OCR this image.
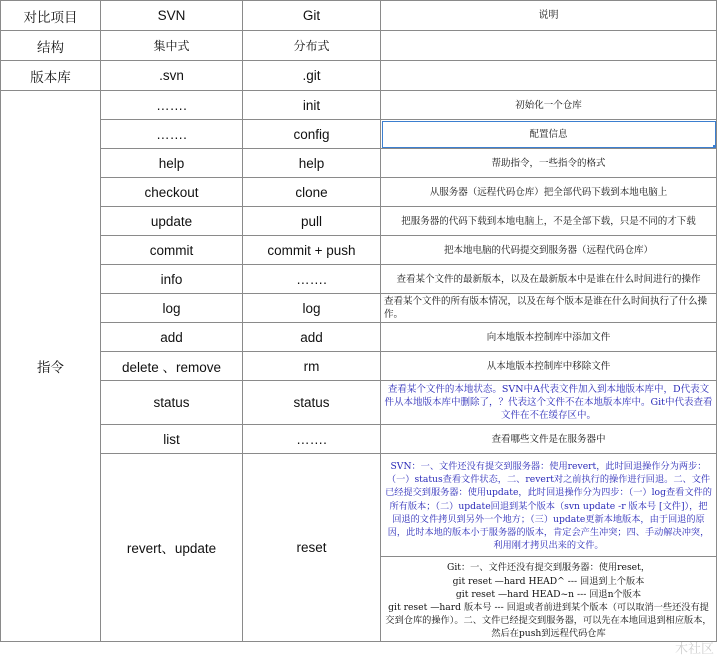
对比项目	SVN	Git	说明
结构	集中式	分布式	
版本库	.svn	.git	
指令	…….	init	初始化一个仓库
	…….	config	配置信息

	help	help	帮助指令，一些指令的格式
	checkout	clone	从服务器（远程代码仓库）把全部代码下载到本地电脑上
	update	pull	把服务器的代码下载到本地电脑上，不是全部下载，只是不同的才下载
	commit	commit + push	把本地电脑的代码提交到服务器（远程代码仓库）
	info	…….	查看某个文件的最新版本，以及在最新版本中是谁在什么时间进行的操作
	log	log	查看某个文件的所有版本情况，以及在每个版本是谁在什么时间执行了什么操作。
	add	add	向本地版本控制库中添加文件
	delete 、remove	rm	从本地版本控制库中移除文件
	status	status	查看某个文件的本地状态。SVN中A代表文件加入到本地版本库中，D代表文件从本地版本库中删除了，？代表这个文件不在本地版本库中。Git中代表查看文件在不在缓存区中。
	list	…….	查看哪些文件是在服务器中
	revert、update	reset	SVN：一、文件还没有提交到服务器：使用revert，此时回退操作分为两步：（一）status查看文件状态，二、revert对之前执行的操作进行回退。二、文件已经提交到服务器：使用update，此时回退操作分为四步：（一）log查看文件的所有版本；（二）update回退到某个版本（svn update -r 版本号 [文件]），把回退的文件拷贝到另外一个地方；（三）update更新本地版本，由于回退的原因，此时本地的版本小于服务器的版本，肯定会产生冲突；四、手动解决冲突，利用刚才拷贝出来的文件。
Git：一、文件还没有提交到服务器：使用reset，
git reset —hard HEAD^ --- 回退到上个版本
git reset —hard HEAD~n --- 回退n个版本
git reset —hard 版本号 --- 回退或者前进到某个版本（可以取消一些还没有提交到仓库的操作）。二、文件已经提交到服务器，可以先在本地回退到相应版本，然后在push到远程代码仓库
木社区
